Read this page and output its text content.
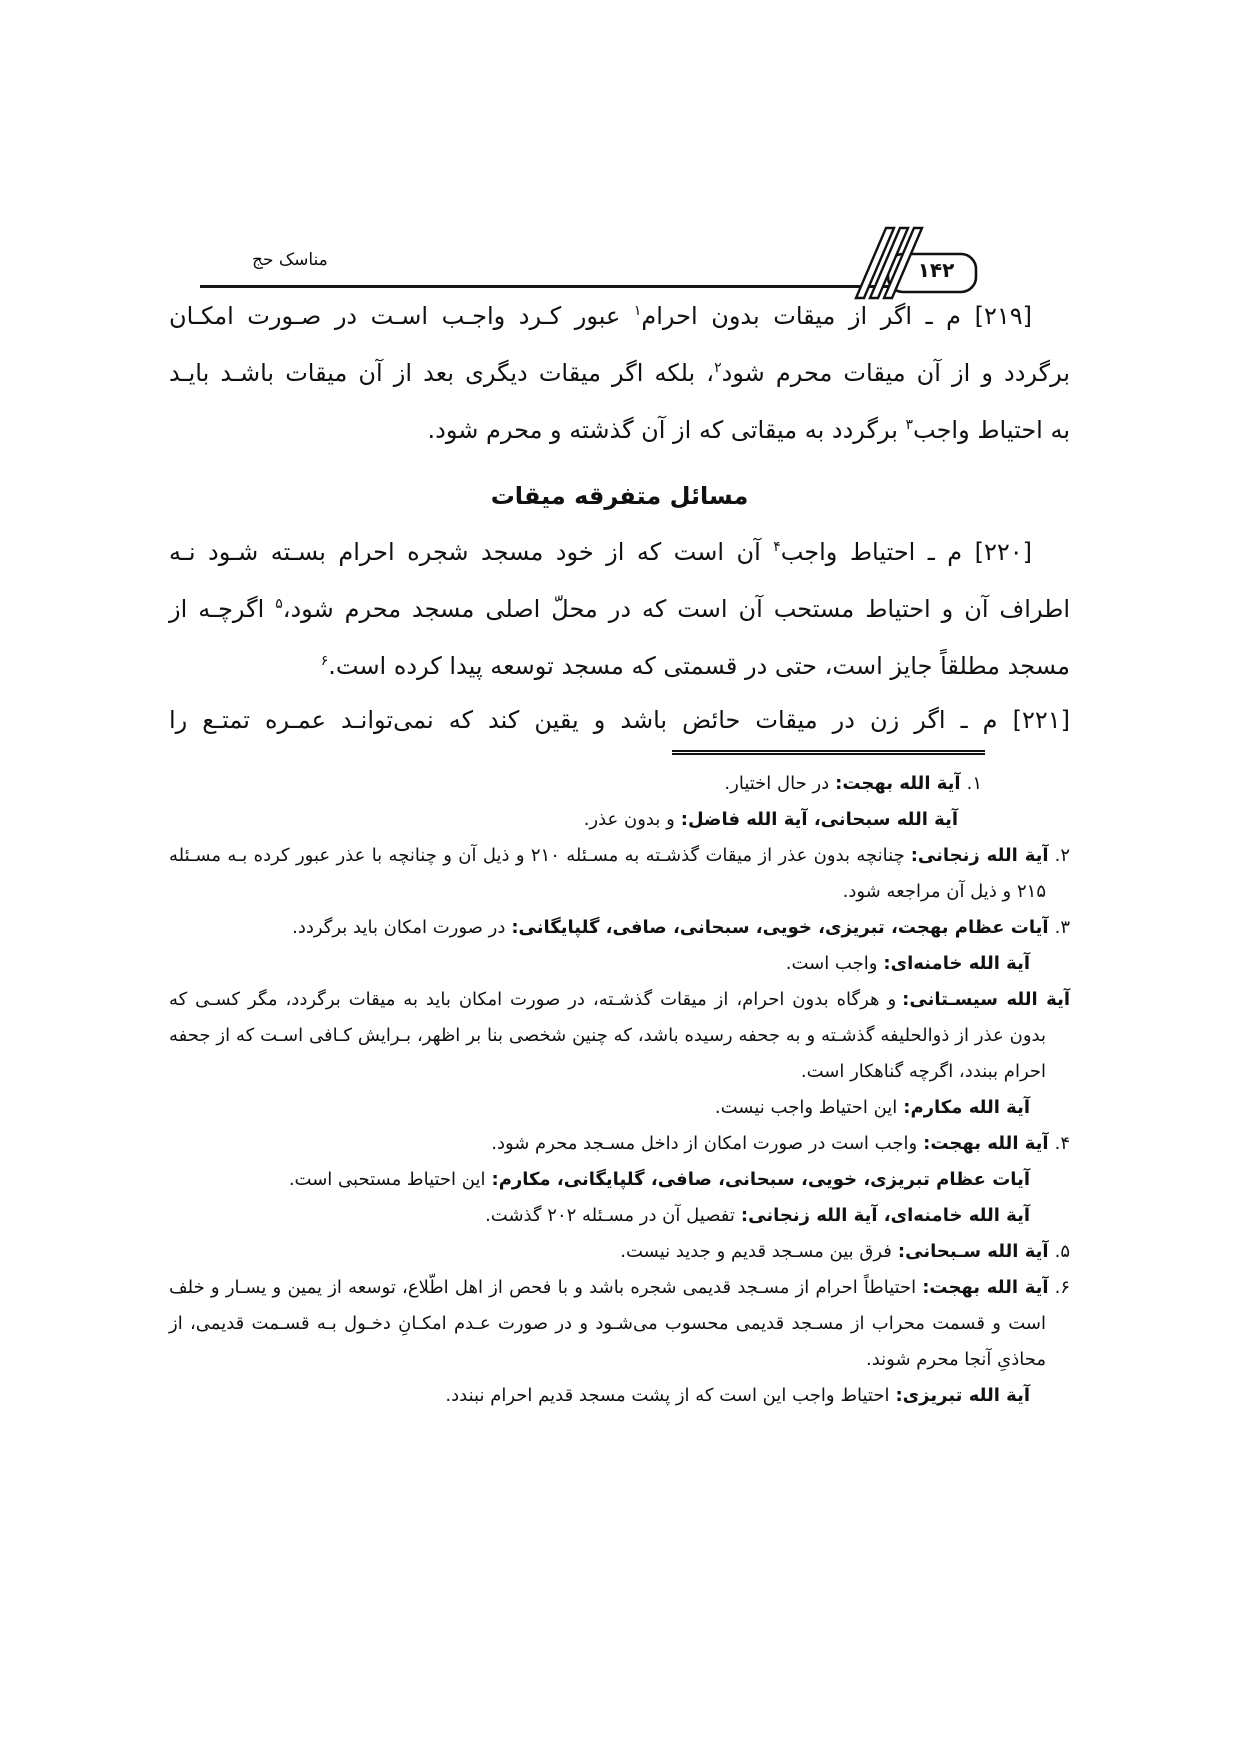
مناسک حج	۱۴۲
[۲۱۹] م ـ اگر از میقات بدون احرام$^۱$ عبور کـرد واجـب اسـت در صـورت امکـان
برگردد و از آن میقات محرم شود$^۲$، بلکه اگر میقات دیگری بعد از آن میقات باشـد بایـد
به احتیاط واجب$^۳$ برگردد به میقاتی که از آن گذشته و محرم شود.
مسائل متفرقه میقات
[۲۲۰] م ـ احتیاط واجب$^۴$ آن است که از خود مسجد شجره احرام بسـته شـود نـه
اطراف آن و احتیاط مستحب آن است که در محلّ اصلی مسجد محرم شود،$^۵$ اگرچـه از
مسجد مطلقاً جایز است، حتی در قسمتی که مسجد توسعه پیدا کرده است.$^۶$
[۲۲۱] م ـ اگر زن در میقات حائض باشد و یقین کند که نمی‌توانـد عمـره تمتـع را
۱.آية الله بهجت:در حال اختیار.
آية الله سبحانی، آية الله فاضل:و بدون عذر.
۲.آية الله زنجانی:چنانچه بدون عذر از میقات گذشـته به مسـئله ۲۱۰ و ذیل آن و چنانچه با عذر عبور کرده بـه مسـئله ۲۱۵ و ذیل آن مراجعه شود.
۳.آيات عظام بهجت، تبریزی، خویی، سبحانی، صافی، گلپایگانی:در صورت امکان باید برگردد.
آية الله خامنه‌ای:واجب است.
آية الله سیسـتانی:و هرگاه بدون احرام، از میقات گذشـته، در صورت امکان باید به میقات برگردد، مگر کسـی که بدون عذر از ذوالحلیفه گذشـته و به جحفه رسیده باشد، که چنین شخصی بنا بر اظهر، بـرایش کـافی اسـت که از جحفه احرام ببندد، اگرچه گناهکار است.
آية الله مکارم:این احتیاط واجب نیست.
۴.آية الله بهجت:واجب است در صورت امکان از داخل مسـجد محرم شود.
آيات عظام تبریزی، خویی، سبحانی، صافی، گلپایگانی، مکارم:این احتیاط مستحبی است.
آية الله خامنه‌ای، آية الله زنجانی:تفصیل آن در مسـئله ۲۰۲ گذشت.
۵.آية الله سـبحانی:فرق بین مسـجد قدیم و جدید نیست.
۶.آية الله بهجت:احتیاطاً احرام از مسـجد قدیمی شجره باشد و با فحص از اهل اطّلاع، توسعه از یمین و یسـار و خلف است و قسمت محراب از مسـجد قدیمی محسوب می‌شـود و در صورت عـدم امکـانِ دخـول بـه قسـمت قدیمی، از محاذیِ آنجا محرم شوند.
آية الله تبریزی:احتیاط واجب این است که از پشت مسجد قدیم احرام نبندد.
